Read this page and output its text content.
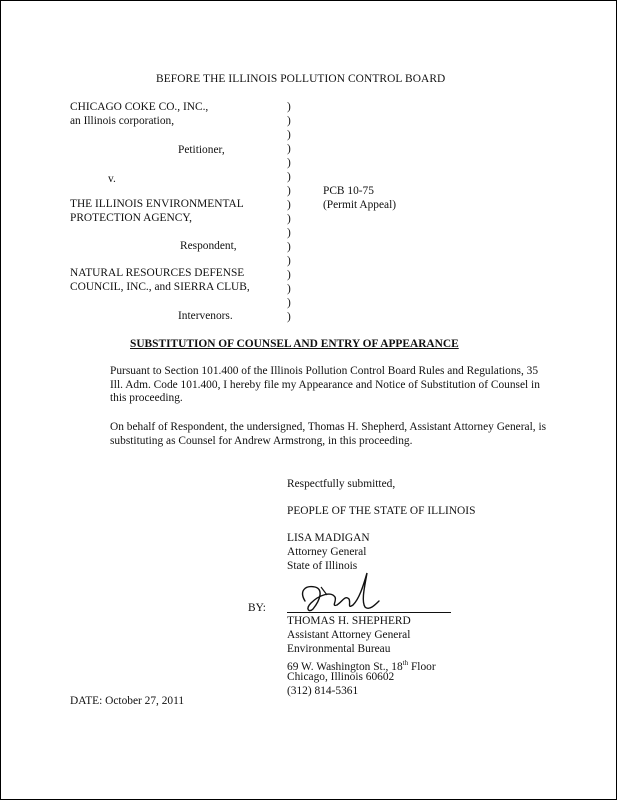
BEFORE THE ILLINOIS POLLUTION CONTROL BOARD
CHICAGO COKE CO., INC.,
an Illinois corporation,
Petitioner,
v.
THE ILLINOIS ENVIRONMENTAL
PROTECTION AGENCY,
Respondent,
NATURAL RESOURCES DEFENSE
COUNCIL, INC., and SIERRA CLUB,
Intervenors.
)
)
)
)
)
)
)
)
)
)
)
)
)
)
)
)
PCB 10-75
(Permit Appeal)
SUBSTITUTION OF COUNSEL AND ENTRY OF APPEARANCE
Pursuant to Section 101.400 of the Illinois Pollution Control Board Rules and Regulations, 35 Ill. Adm. Code 101.400, I hereby file my Appearance and Notice of Substitution of Counsel in this proceeding.
On behalf of Respondent, the undersigned, Thomas H. Shepherd, Assistant Attorney General, is substituting as Counsel for Andrew Armstrong, in this proceeding.
Respectfully submitted,
PEOPLE OF THE STATE OF ILLINOIS
LISA MADIGAN
Attorney General
State of Illinois
BY:
THOMAS H. SHEPHERD
Assistant Attorney General
Environmental Bureau
69 W. Washington St., 18th Floor
Chicago, Illinois 60602
(312) 814-5361
DATE: October 27, 2011
